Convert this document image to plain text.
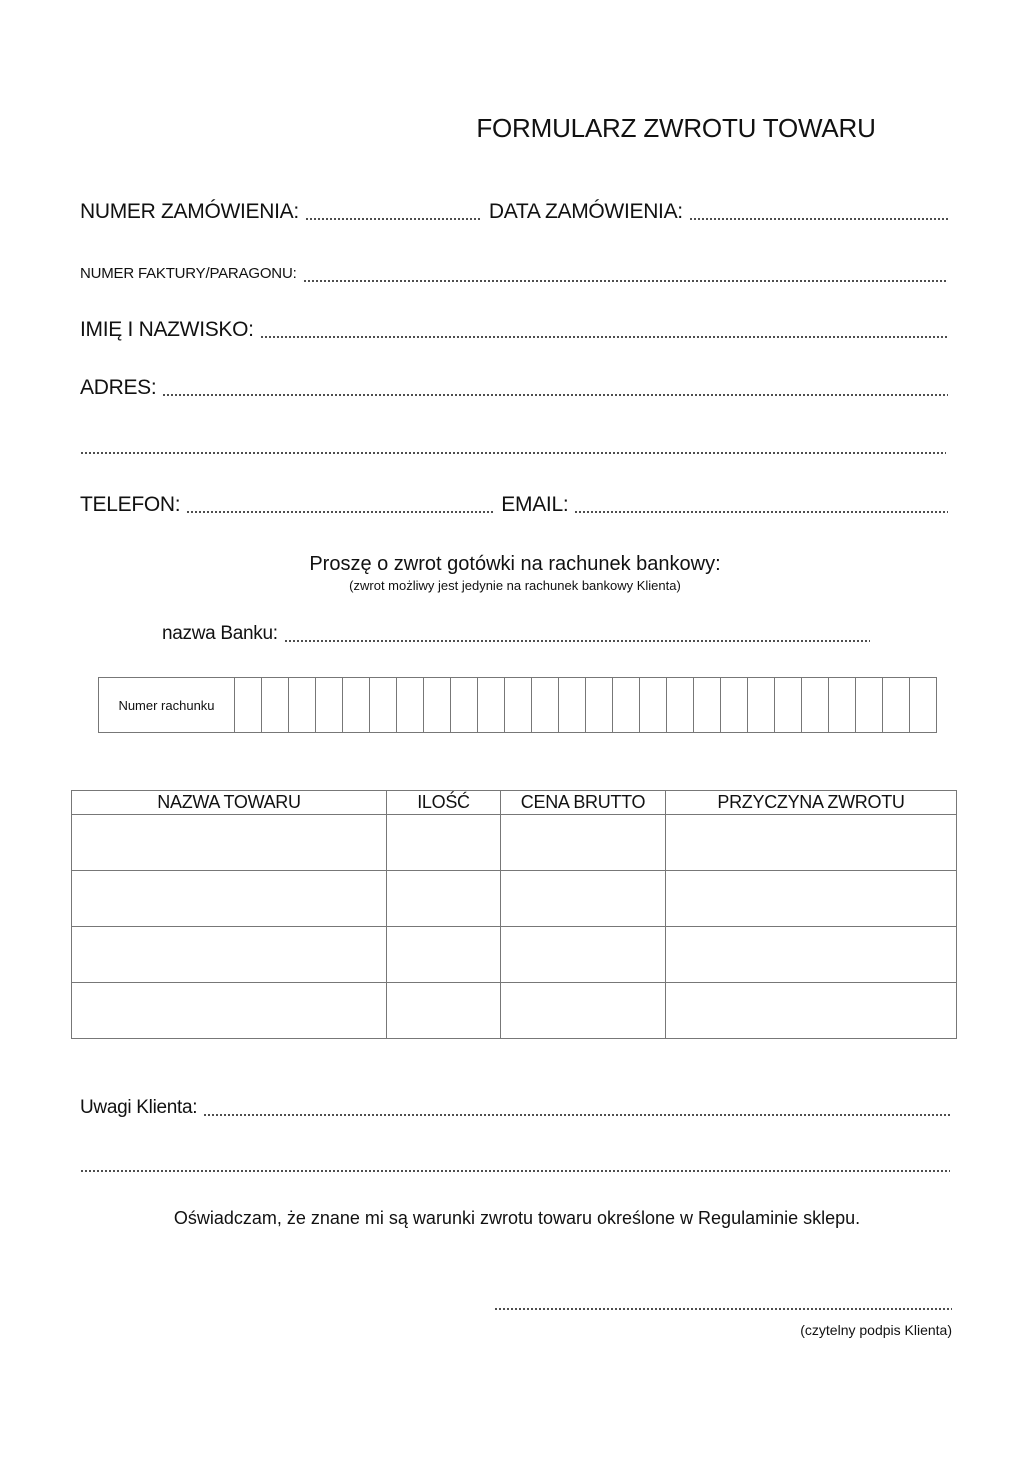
FORMULARZ ZWROTU TOWARU
NUMER ZAMÓWIENIA:	DATA ZAMÓWIENIA:
NUMER FAKTURY/PARAGONU:
IMIĘ I NAZWISKO:
ADRES:
TELEFON:	EMAIL:
Proszę o zwrot gotówki na rachunek bankowy:
(zwrot możliwy jest jedynie na rachunek bankowy Klienta)
nazwa Banku:
Numer rachunku
NAZWA TOWARU	ILOŚĆ	CENA BRUTTO	PRZYCZYNA ZWROTU

Uwagi Klienta:
Oświadczam, że znane mi są warunki zwrotu towaru określone w Regulaminie sklepu.
(czytelny podpis Klienta)
